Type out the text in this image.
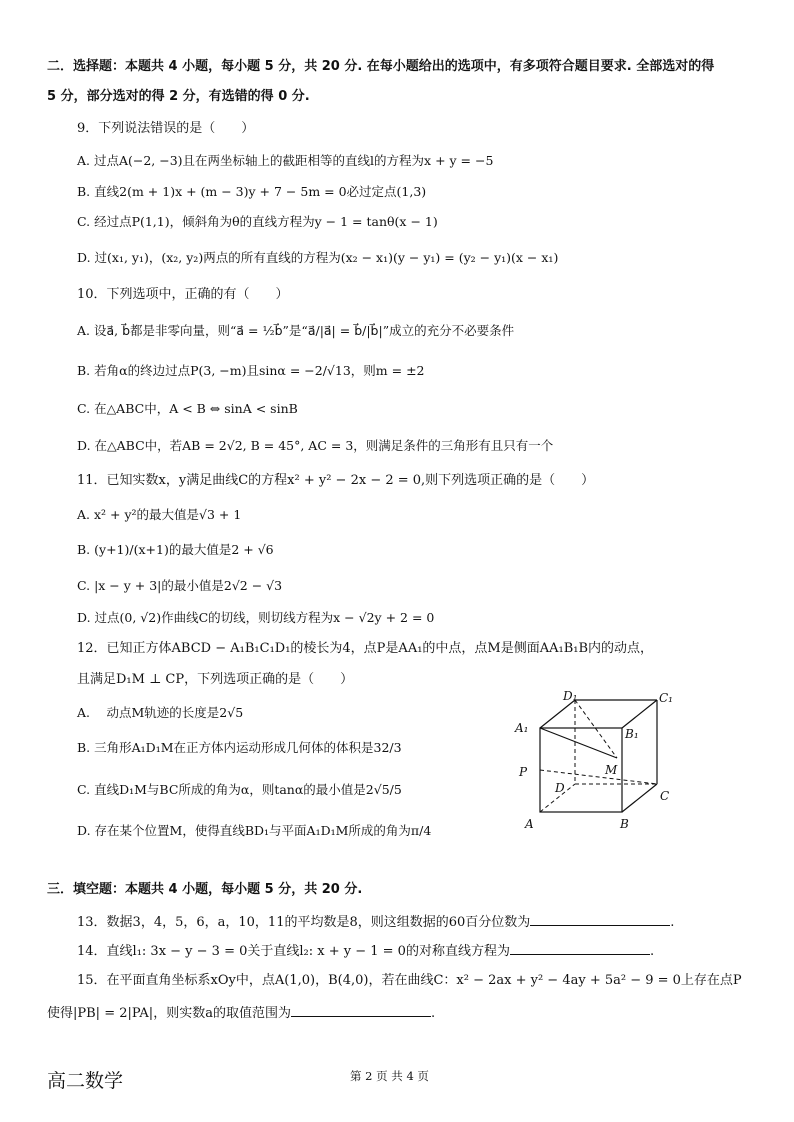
二．选择题：本题共 4 小题，每小题 5 分，共 20 分. 在每小题给出的选项中，有多项符合题目要求. 全部选对的得
5 分，部分选对的得 2 分，有选错的得 0 分.
9．下列说法错误的是（　　）
A. 过点A(−2, −3)且在两坐标轴上的截距相等的直线l的方程为x + y = −5
B. 直线2(m + 1)x + (m − 3)y + 7 − 5m = 0必过定点(1,3)
C. 经过点P(1,1)，倾斜角为θ的直线方程为y − 1 = tanθ(x − 1)
D. 过(x₁, y₁)，(x₂, y₂)两点的所有直线的方程为(x₂ − x₁)(y − y₁) = (y₂ − y₁)(x − x₁)
10．下列选项中，正确的有（　　）
A. 设a⃗, b⃗都是非零向量，则“a⃗ = ½b⃗”是“a⃗/|a⃗| = b⃗/|b⃗|”成立的充分不必要条件
B. 若角α的终边过点P(3, −m)且sinα = −2/√13，则m = ±2
C. 在△ABC中，A < B ⇔ sinA < sinB
D. 在△ABC中，若AB = 2√2, B = 45°, AC = 3，则满足条件的三角形有且只有一个
11．已知实数x，y满足曲线C的方程x² + y² − 2x − 2 = 0,则下列选项正确的是（　　）
A. x² + y²的最大值是√3 + 1
B. (y+1)/(x+1)的最大值是2 + √6
C. |x − y + 3|的最小值是2√2 − √3
D. 过点(0, √2)作曲线C的切线，则切线方程为x − √2y + 2 = 0
12．已知正方体ABCD − A₁B₁C₁D₁的棱长为4，点P是AA₁的中点，点M是侧面AA₁B₁B内的动点，
且满足D₁M ⊥ CP，下列选项正确的是（　　）
A. 　动点M轨迹的长度是2√5
B. 三角形A₁D₁M在正方体内运动形成几何体的体积是32/3
C. 直线D₁M与BC所成的角为α，则tanα的最小值是2√5/5
D. 存在某个位置M，使得直线BD₁与平面A₁D₁M所成的角为π/4
D₁	C₁
A₁	B₁
P	M
D
C
A	B
三．填空题：本题共 4 小题，每小题 5 分，共 20 分.
13．数据3，4，5，6，a，10，11的平均数是8，则这组数据的60百分位数为	.
14．直线l₁: 3x − y − 3 = 0关于直线l₂: x + y − 1 = 0的对称直线方程为	.
15．在平面直角坐标系xOy中，点A(1,0)，B(4,0)，若在曲线C：x² − 2ax + y² − 4ay + 5a² − 9 = 0上存在点P
使得|PB| = 2|PA|，则实数a的取值范围为	.
高二数学	第 2 页 共 4 页
